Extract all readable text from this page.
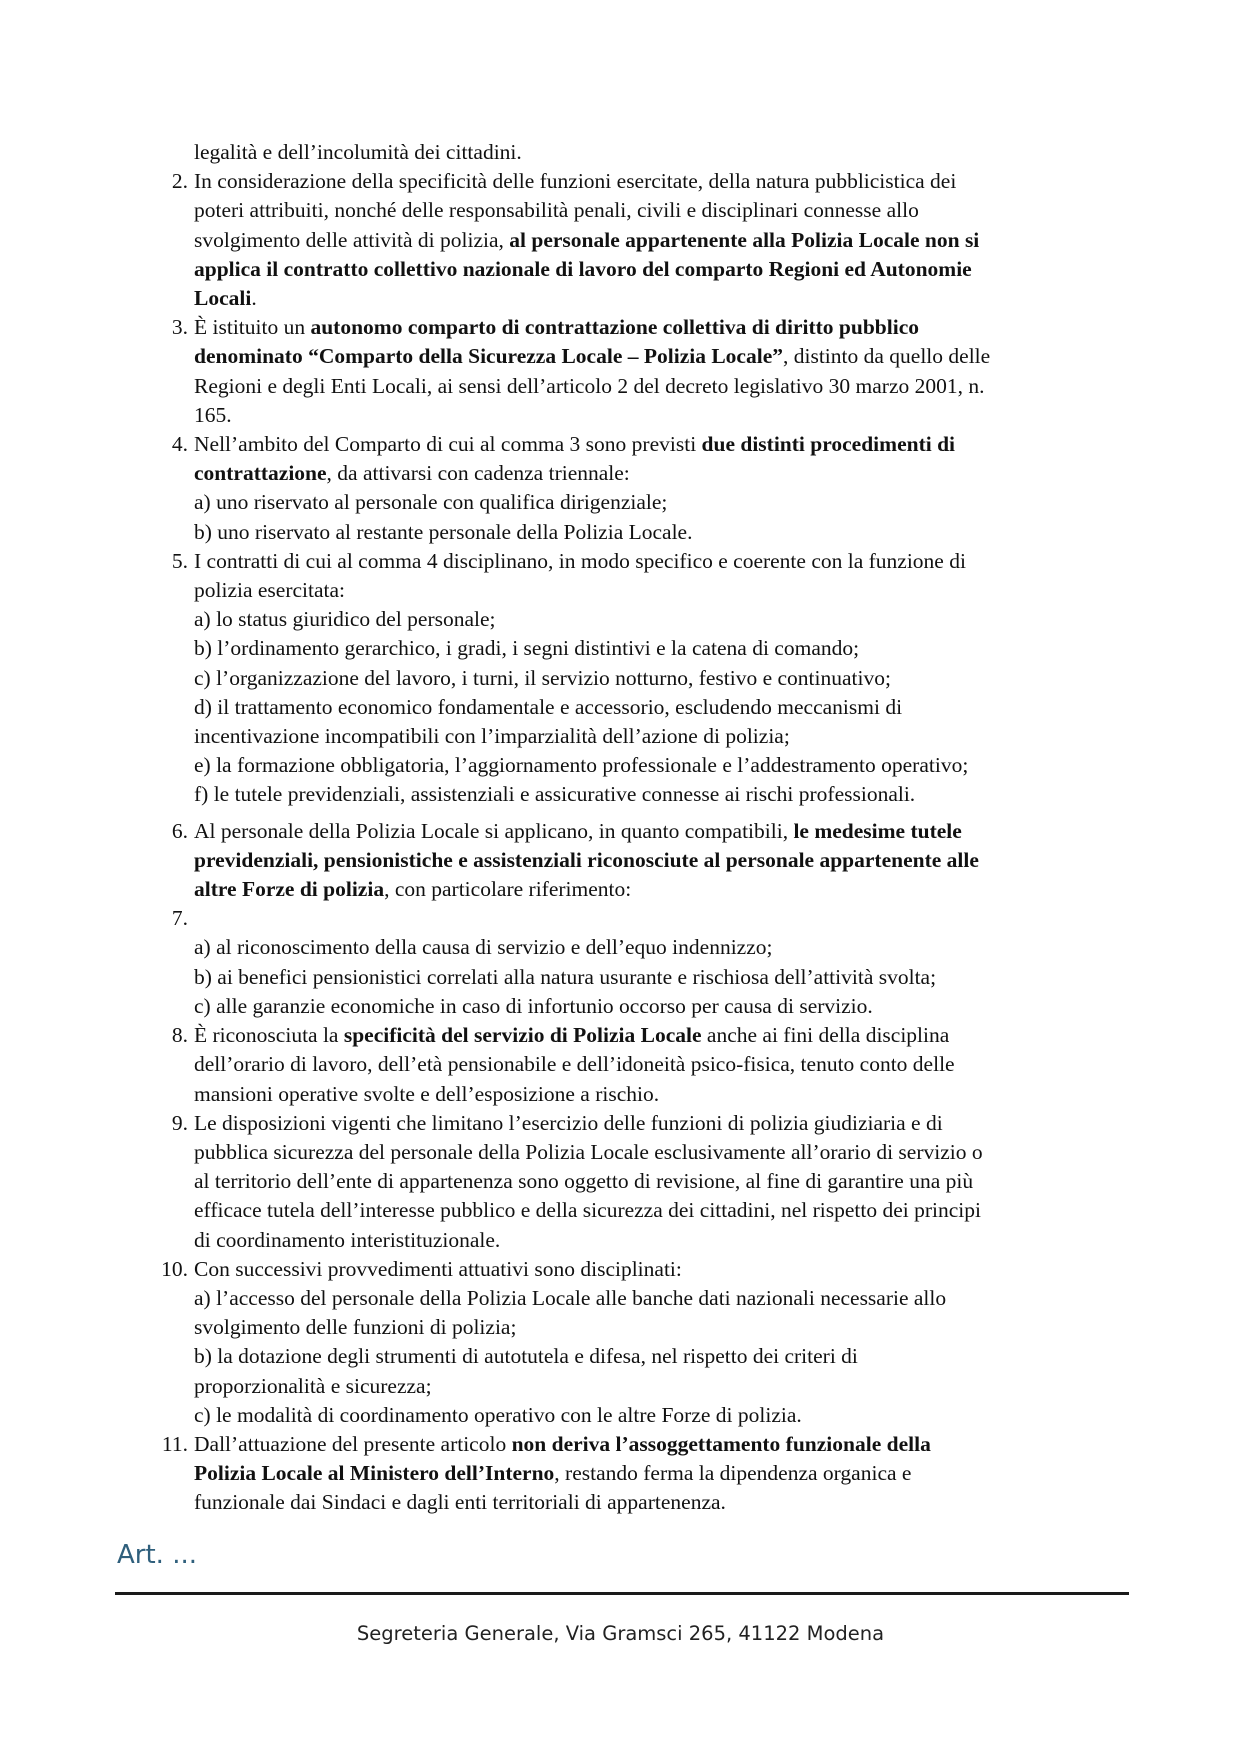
legalità e dell’incolumità dei cittadini.
2. In considerazione della specificità delle funzioni esercitate, della natura pubblicistica dei
poteri attribuiti, nonché delle responsabilità penali, civili e disciplinari connesse allo
svolgimento delle attività di polizia, al personale appartenente alla Polizia Locale non si
applica il contratto collettivo nazionale di lavoro del comparto Regioni ed Autonomie
Locali.
3. È istituito un autonomo comparto di contrattazione collettiva di diritto pubblico
denominato “Comparto della Sicurezza Locale – Polizia Locale”, distinto da quello delle
Regioni e degli Enti Locali, ai sensi dell’articolo 2 del decreto legislativo 30 marzo 2001, n.
165.
4. Nell’ambito del Comparto di cui al comma 3 sono previsti due distinti procedimenti di
contrattazione, da attivarsi con cadenza triennale:
a) uno riservato al personale con qualifica dirigenziale;
b) uno riservato al restante personale della Polizia Locale.
5. I contratti di cui al comma 4 disciplinano, in modo specifico e coerente con la funzione di
polizia esercitata:
a) lo status giuridico del personale;
b) l’ordinamento gerarchico, i gradi, i segni distintivi e la catena di comando;
c) l’organizzazione del lavoro, i turni, il servizio notturno, festivo e continuativo;
d) il trattamento economico fondamentale e accessorio, escludendo meccanismi di
incentivazione incompatibili con l’imparzialità dell’azione di polizia;
e) la formazione obbligatoria, l’aggiornamento professionale e l’addestramento operativo;
f) le tutele previdenziali, assistenziali e assicurative connesse ai rischi professionali.
6. Al personale della Polizia Locale si applicano, in quanto compatibili, le medesime tutele
previdenziali, pensionistiche e assistenziali riconosciute al personale appartenente alle
altre Forze di polizia, con particolare riferimento:
7.

a) al riconoscimento della causa di servizio e dell’equo indennizzo;
b) ai benefici pensionistici correlati alla natura usurante e rischiosa dell’attività svolta;
c) alle garanzie economiche in caso di infortunio occorso per causa di servizio.
8. È riconosciuta la specificità del servizio di Polizia Locale anche ai fini della disciplina
dell’orario di lavoro, dell’età pensionabile e dell’idoneità psico-fisica, tenuto conto delle
mansioni operative svolte e dell’esposizione a rischio.
9. Le disposizioni vigenti che limitano l’esercizio delle funzioni di polizia giudiziaria e di
pubblica sicurezza del personale della Polizia Locale esclusivamente all’orario di servizio o
al territorio dell’ente di appartenenza sono oggetto di revisione, al fine di garantire una più
efficace tutela dell’interesse pubblico e della sicurezza dei cittadini, nel rispetto dei principi
di coordinamento interistituzionale.
10. Con successivi provvedimenti attuativi sono disciplinati:
a) l’accesso del personale della Polizia Locale alle banche dati nazionali necessarie allo
svolgimento delle funzioni di polizia;
b) la dotazione degli strumenti di autotutela e difesa, nel rispetto dei criteri di
proporzionalità e sicurezza;
c) le modalità di coordinamento operativo con le altre Forze di polizia.
11. Dall’attuazione del presente articolo non deriva l’assoggettamento funzionale della
Polizia Locale al Ministero dell’Interno, restando ferma la dipendenza organica e
funzionale dai Sindaci e dagli enti territoriali di appartenenza.
Art. ...
Segreteria Generale, Via Gramsci 265, 41122 Modena
